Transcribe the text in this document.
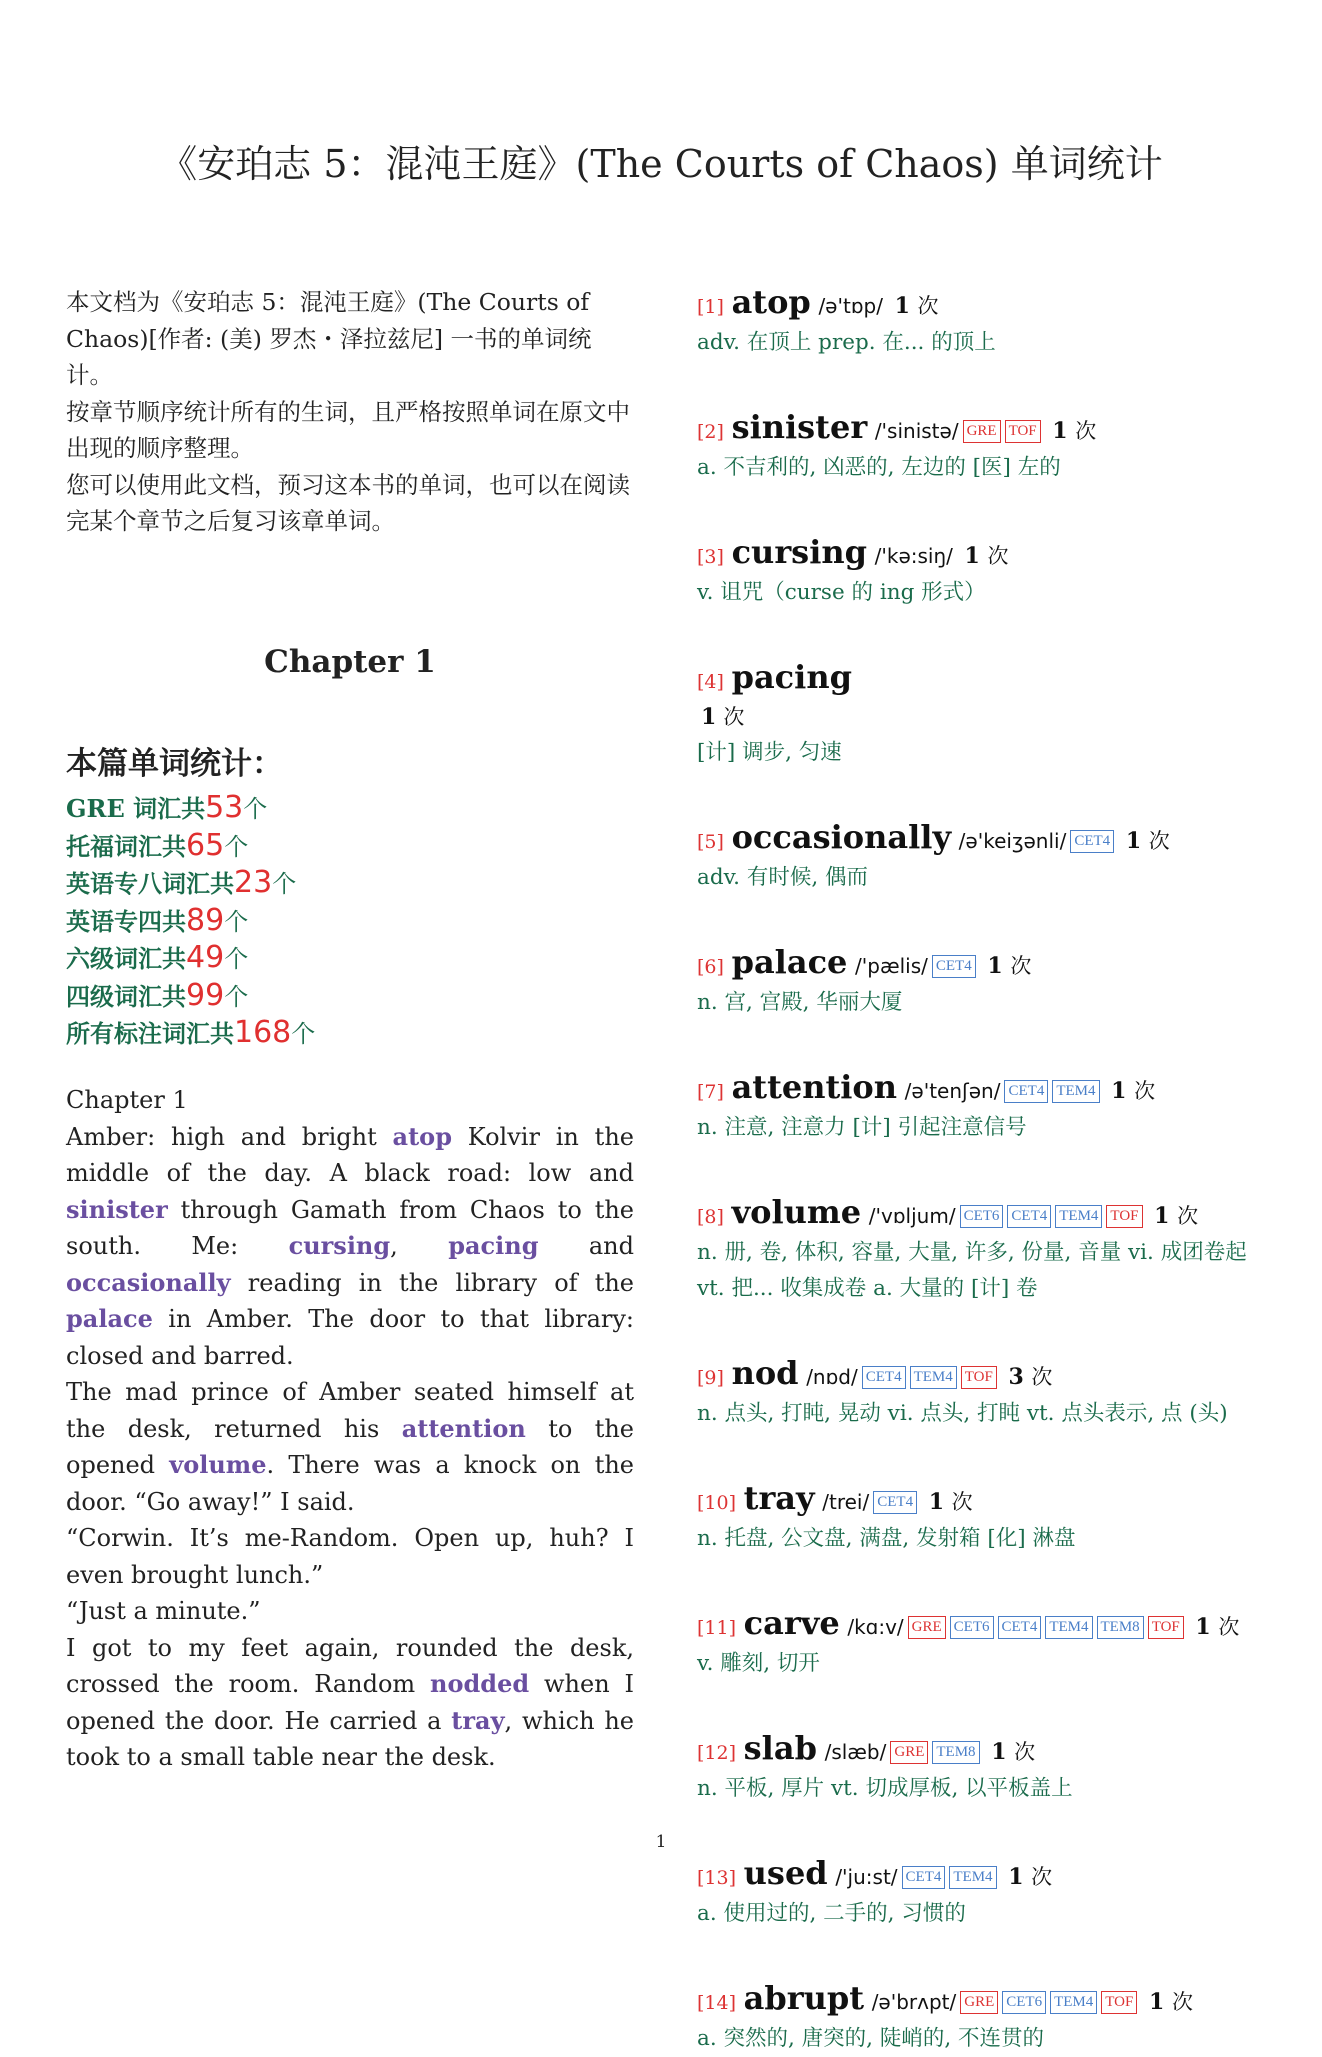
《安珀志 5：混沌王庭》(The Courts of Chaos) 单词统计

本文档为《安珀志 5：混沌王庭》(The Courts of Chaos)[作者: (美) 罗杰・泽拉兹尼] 一书的单词统计。

按章节顺序统计所有的生词，且严格按照单词在原文中出现的顺序整理。

您可以使用此文档，预习这本书的单词，也可以在阅读完某个章节之后复习该章单词。

Chapter 1
本篇单词统计：
GRE 词汇共53个
托福词汇共65个
英语专八词汇共23个
英语专四共89个
六级词汇共49个
四级词汇共99个
所有标注词汇共168个

Chapter 1

Amber: high and bright atop Kolvir in the middle of the day. A black road: low and sinister through Gamath from Chaos to the south. Me: cursing, pacing and occasionally reading in the library of the palace in Amber. The door to that library: closed and barred.

The mad prince of Amber seated himself at the desk, returned his attention to the opened volume. There was a knock on the door. “Go away!” I said.

“Corwin. It’s me-Random. Open up, huh? I even brought lunch.”

“Just a minute.”

I got to my feet again, rounded the desk, crossed the room. Random nodded when I opened the door. He carried a tray, which he took to a small table near the desk.

[1] atop /ə'tɒp/ 1 次

adv. 在顶上 prep. 在... 的顶上

[2] sinister /'sinistə/ GRE TOF 1 次

a. 不吉利的, 凶恶的, 左边的 [医] 左的

[3] cursing /'kə:siŋ/ 1 次

v. 诅咒（curse 的 ing 形式）

[4] pacing
1 次

[计] 调步, 匀速

[5] occasionally /ə'keiʒənli/ CET4 1 次

adv. 有时候, 偶而

[6] palace /'pælis/ CET4 1 次

n. 宫, 宫殿, 华丽大厦

[7] attention /ə'tenʃən/ CET4 TEM4 1 次

n. 注意, 注意力 [计] 引起注意信号

[8] volume /'vɒljum/ CET6 CET4 TEM4 TOF 1 次

n. 册, 卷, 体积, 容量, 大量, 许多, 份量, 音量 vi. 成团卷起 vt. 把... 收集成卷 a. 大量的 [计] 卷

[9] nod /nɒd/ CET4 TEM4 TOF 3 次

n. 点头, 打盹, 晃动 vi. 点头, 打盹 vt. 点头表示, 点 (头)

[10] tray /trei/ CET4 1 次

n. 托盘, 公文盘, 满盘, 发射箱 [化] 淋盘

[11] carve /kɑ:v/ GRE CET6 CET4 TEM4 TEM8 TOF 1 次

v. 雕刻, 切开

[12] slab /slæb/ GRE TEM8 1 次

n. 平板, 厚片 vt. 切成厚板, 以平板盖上

[13] used /'ju:st/ CET4 TEM4 1 次

a. 使用过的, 二手的, 习惯的

[14] abrupt /ə'brʌpt/ GRE CET6 TEM4 TOF 1 次

a. 突然的, 唐突的, 陡峭的, 不连贯的

1
